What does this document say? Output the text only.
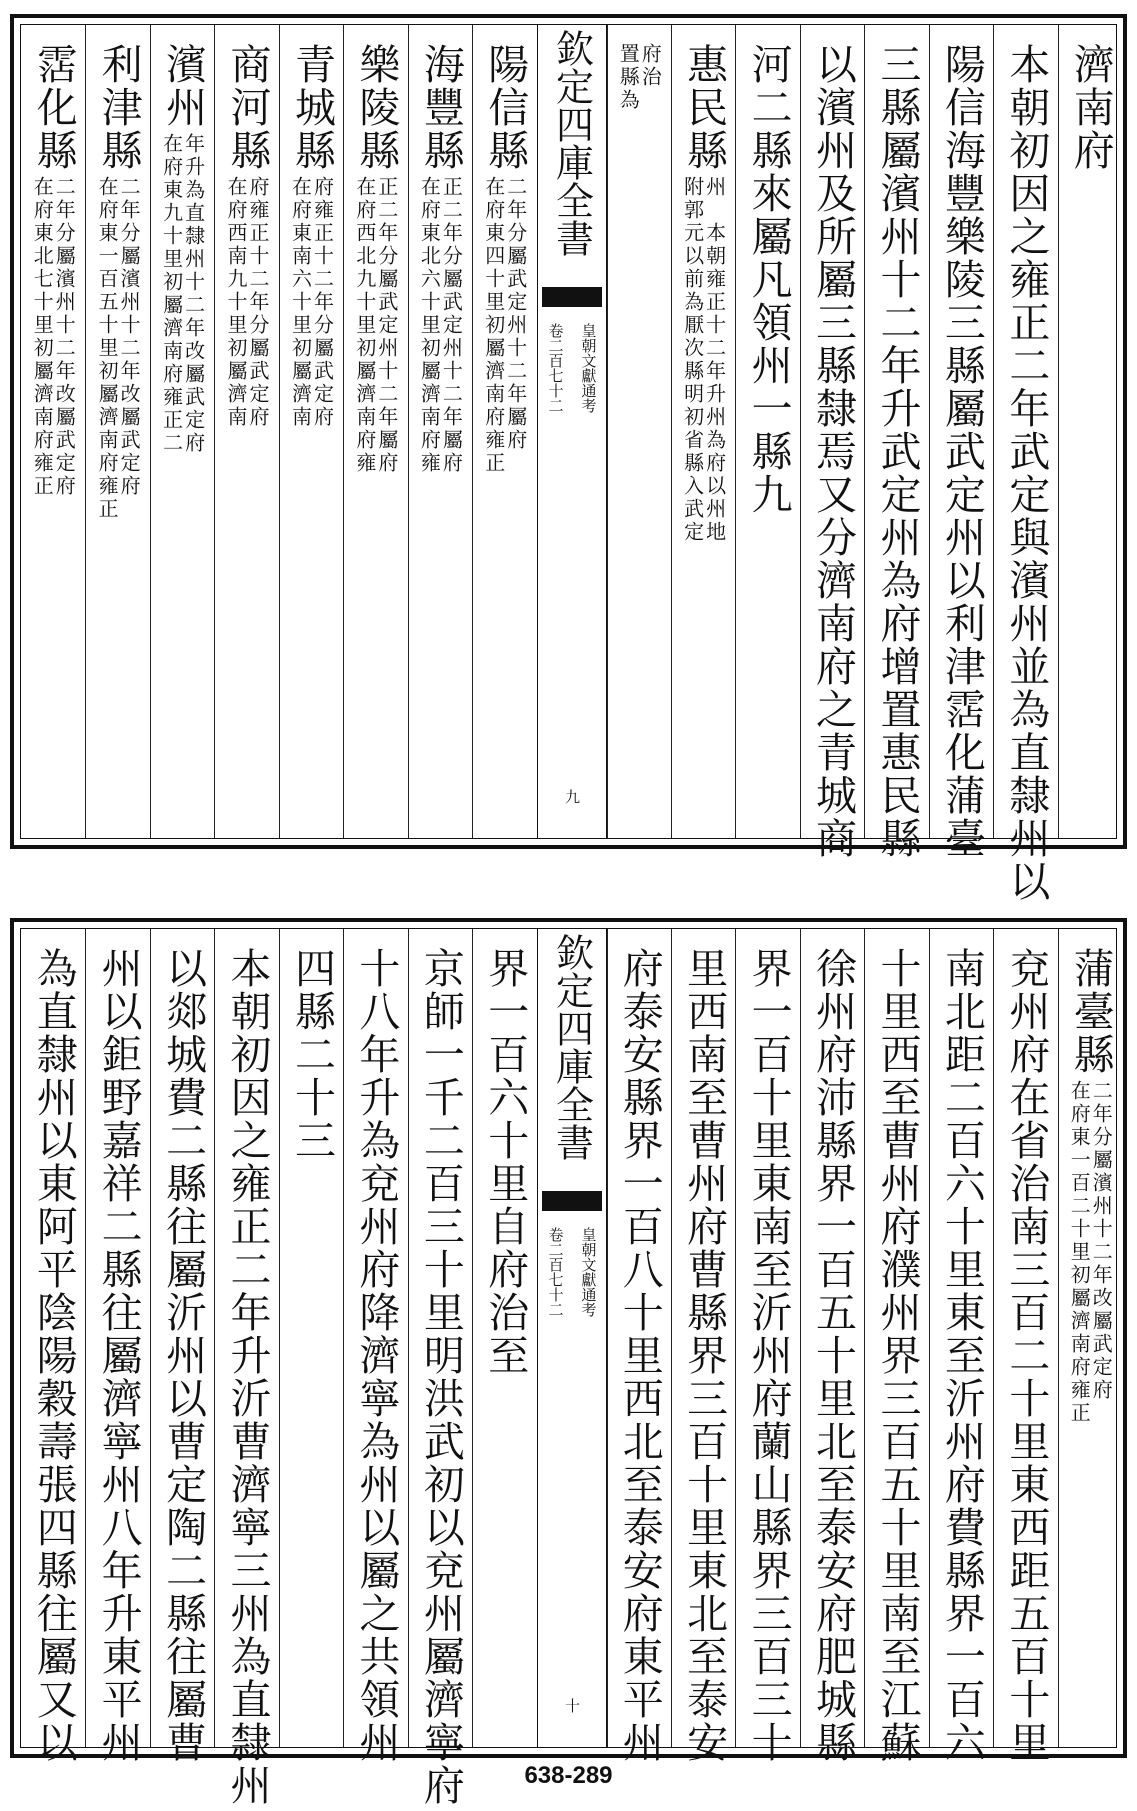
濟南府
本朝初因之雍正二年武定與濱州並為直隸州以
陽信海豐樂陵三縣屬武定州以利津霑化蒲臺
三縣屬濱州十二年升武定州為府增置惠民縣
以濱州及所屬三縣隸焉又分濟南府之青城商
河二縣來屬凡領州一縣九
惠民縣
附郭元以前為厭次縣明初省縣入武定
州　本朝雍正十二年升州為府以州地
置縣為
府治
陽信縣
在府東四十里初屬濟南府雍正
二年分屬武定州十二年屬府
海豐縣
在府東北六十里初屬濟南府雍
正二年分屬武定州十二年屬府
樂陵縣
在府西北九十里初屬濟南府雍
正二年分屬武定州十二年屬府
青城縣
在府東南六十里初屬濟南
府雍正十二年分屬武定府
商河縣
在府西南九十里初屬濟南
府雍正十二年分屬武定府
濱州
在府東九十里初屬濟南府雍正二
年升為直隸州十二年改屬武定府
利津縣
在府東一百五十里初屬濟南府雍正
二年分屬濱州十二年改屬武定府
霑化縣
在府東北七十里初屬濟南府雍正
二年分屬濱州十二年改屬武定府
欽定四庫全書
皇朝文獻通考
卷二百七十二
九
蒲臺縣
在府東一百二十里初屬濟南府雍正
二年分屬濱州十二年改屬武定府
兗州府在省治南三百二十里東西距五百十里
南北距二百六十里東至沂州府費縣界一百六
十里西至曹州府濮州界三百五十里南至江蘇
徐州府沛縣界一百五十里北至泰安府肥城縣
界一百十里東南至沂州府蘭山縣界三百三十
里西南至曹州府曹縣界三百十里東北至泰安
府泰安縣界一百八十里西北至泰安府東平州
界一百六十里自府治至
京師一千二百三十里明洪武初以兗州屬濟寧府
十八年升為兗州府降濟寧為州以屬之共領州
四縣二十三
本朝初因之雍正二年升沂曹濟寧三州為直隸州
以郯城費二縣往屬沂州以曹定陶二縣往屬曹
州以鉅野嘉祥二縣往屬濟寧州八年升東平州
為直隸州以東阿平陰陽穀壽張四縣往屬又以	欽定四庫全書
皇朝文獻通考
卷二百七十二
十
638-289
